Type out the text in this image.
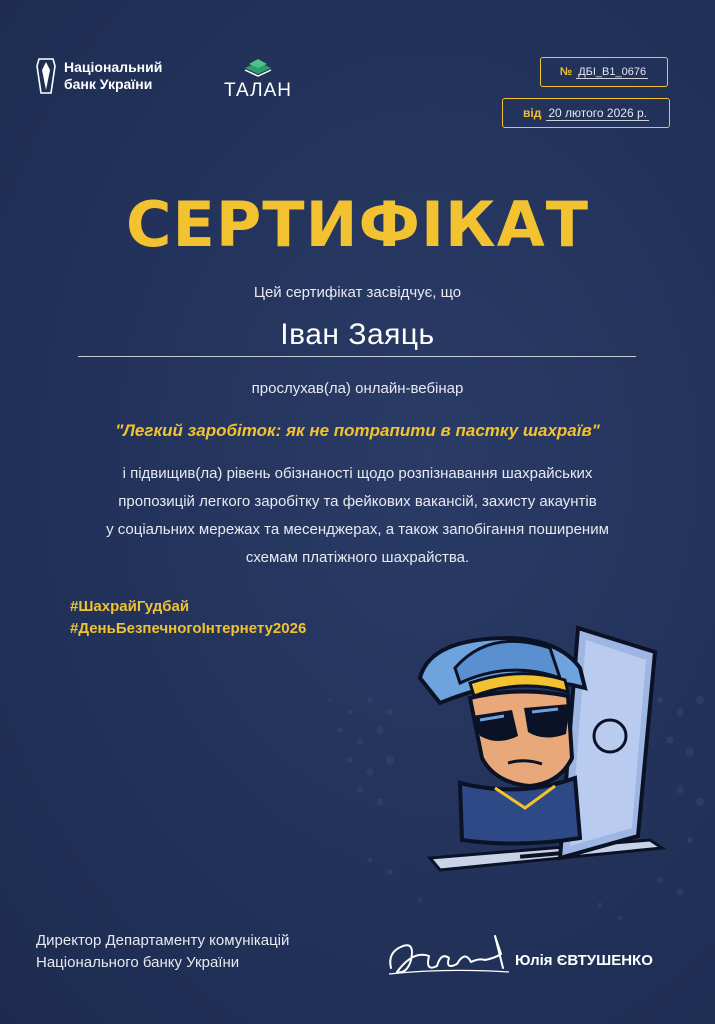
Національний
банк України	ТАЛАН
№ ДБІ_В1_0676
від 20 лютого 2026 р.
СЕРТИФІКАТ
Цей сертифікат засвідчує, що
Іван Заяць
прослухав(ла) онлайн-вебінар
"Легкий заробіток: як не потрапити в пастку шахраїв"
і підвищив(ла) рівень обізнаності щодо розпізнавання шахрайських
пропозицій легкого заробітку та фейкових вакансій, захисту акаунтів
у соціальних мережах та месенджерах, а також запобігання поширеним
схемам платіжного шахрайства.
#ШахрайГудбай
#ДеньБезпечногоІнтернету2026
Директор Департаменту комунікацій
Національного банку України	Юлія ЄВТУШЕНКО
